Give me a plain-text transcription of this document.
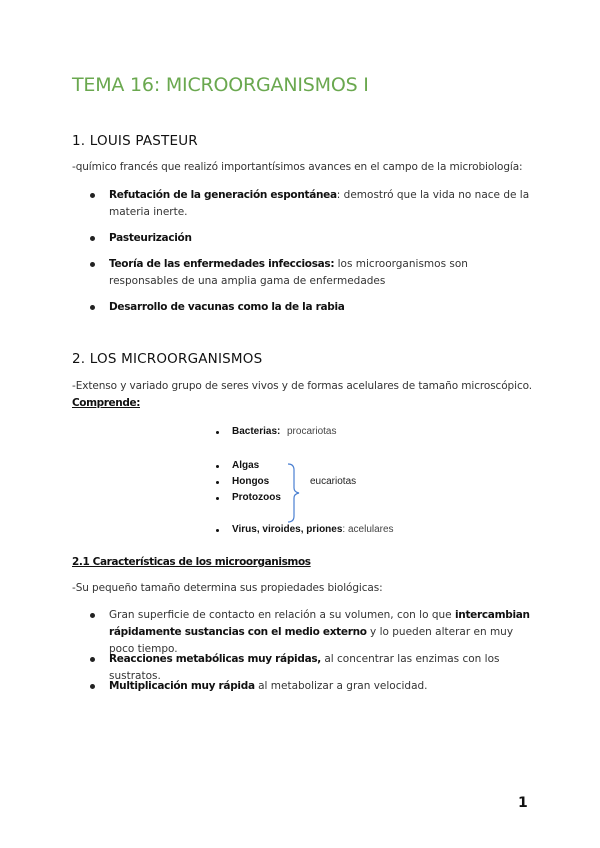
TEMA 16: MICROORGANISMOS I
1. LOUIS PASTEUR
-químico francés que realizó importantísimos avances en el campo de la microbiología:
Refutación de la generación espontánea: demostró que la vida no nace de la materia inerte.
Pasteurización
Teoría de las enfermedades infecciosas: los microorganismos son responsables de una amplia gama de enfermedades
Desarrollo de vacunas como la de la rabia
2. LOS MICROORGANISMOS
-Extenso y variado grupo de seres vivos y de formas acelulares de tamaño microscópico.
Comprende:
Bacterias: procariotas
Algas
Hongos
Protozoos
eucariotas
Virus, viroides, priones: acelulares
2.1 Características de los microorganismos
-Su pequeño tamaño determina sus propiedades biológicas:
Gran superficie de contacto en relación a su volumen, con lo que intercambian rápidamente sustancias con el medio externo y lo pueden alterar en muy poco tiempo.
Reacciones metabólicas muy rápidas, al concentrar las enzimas con los sustratos.
Multiplicación muy rápida al metabolizar a gran velocidad.
1
